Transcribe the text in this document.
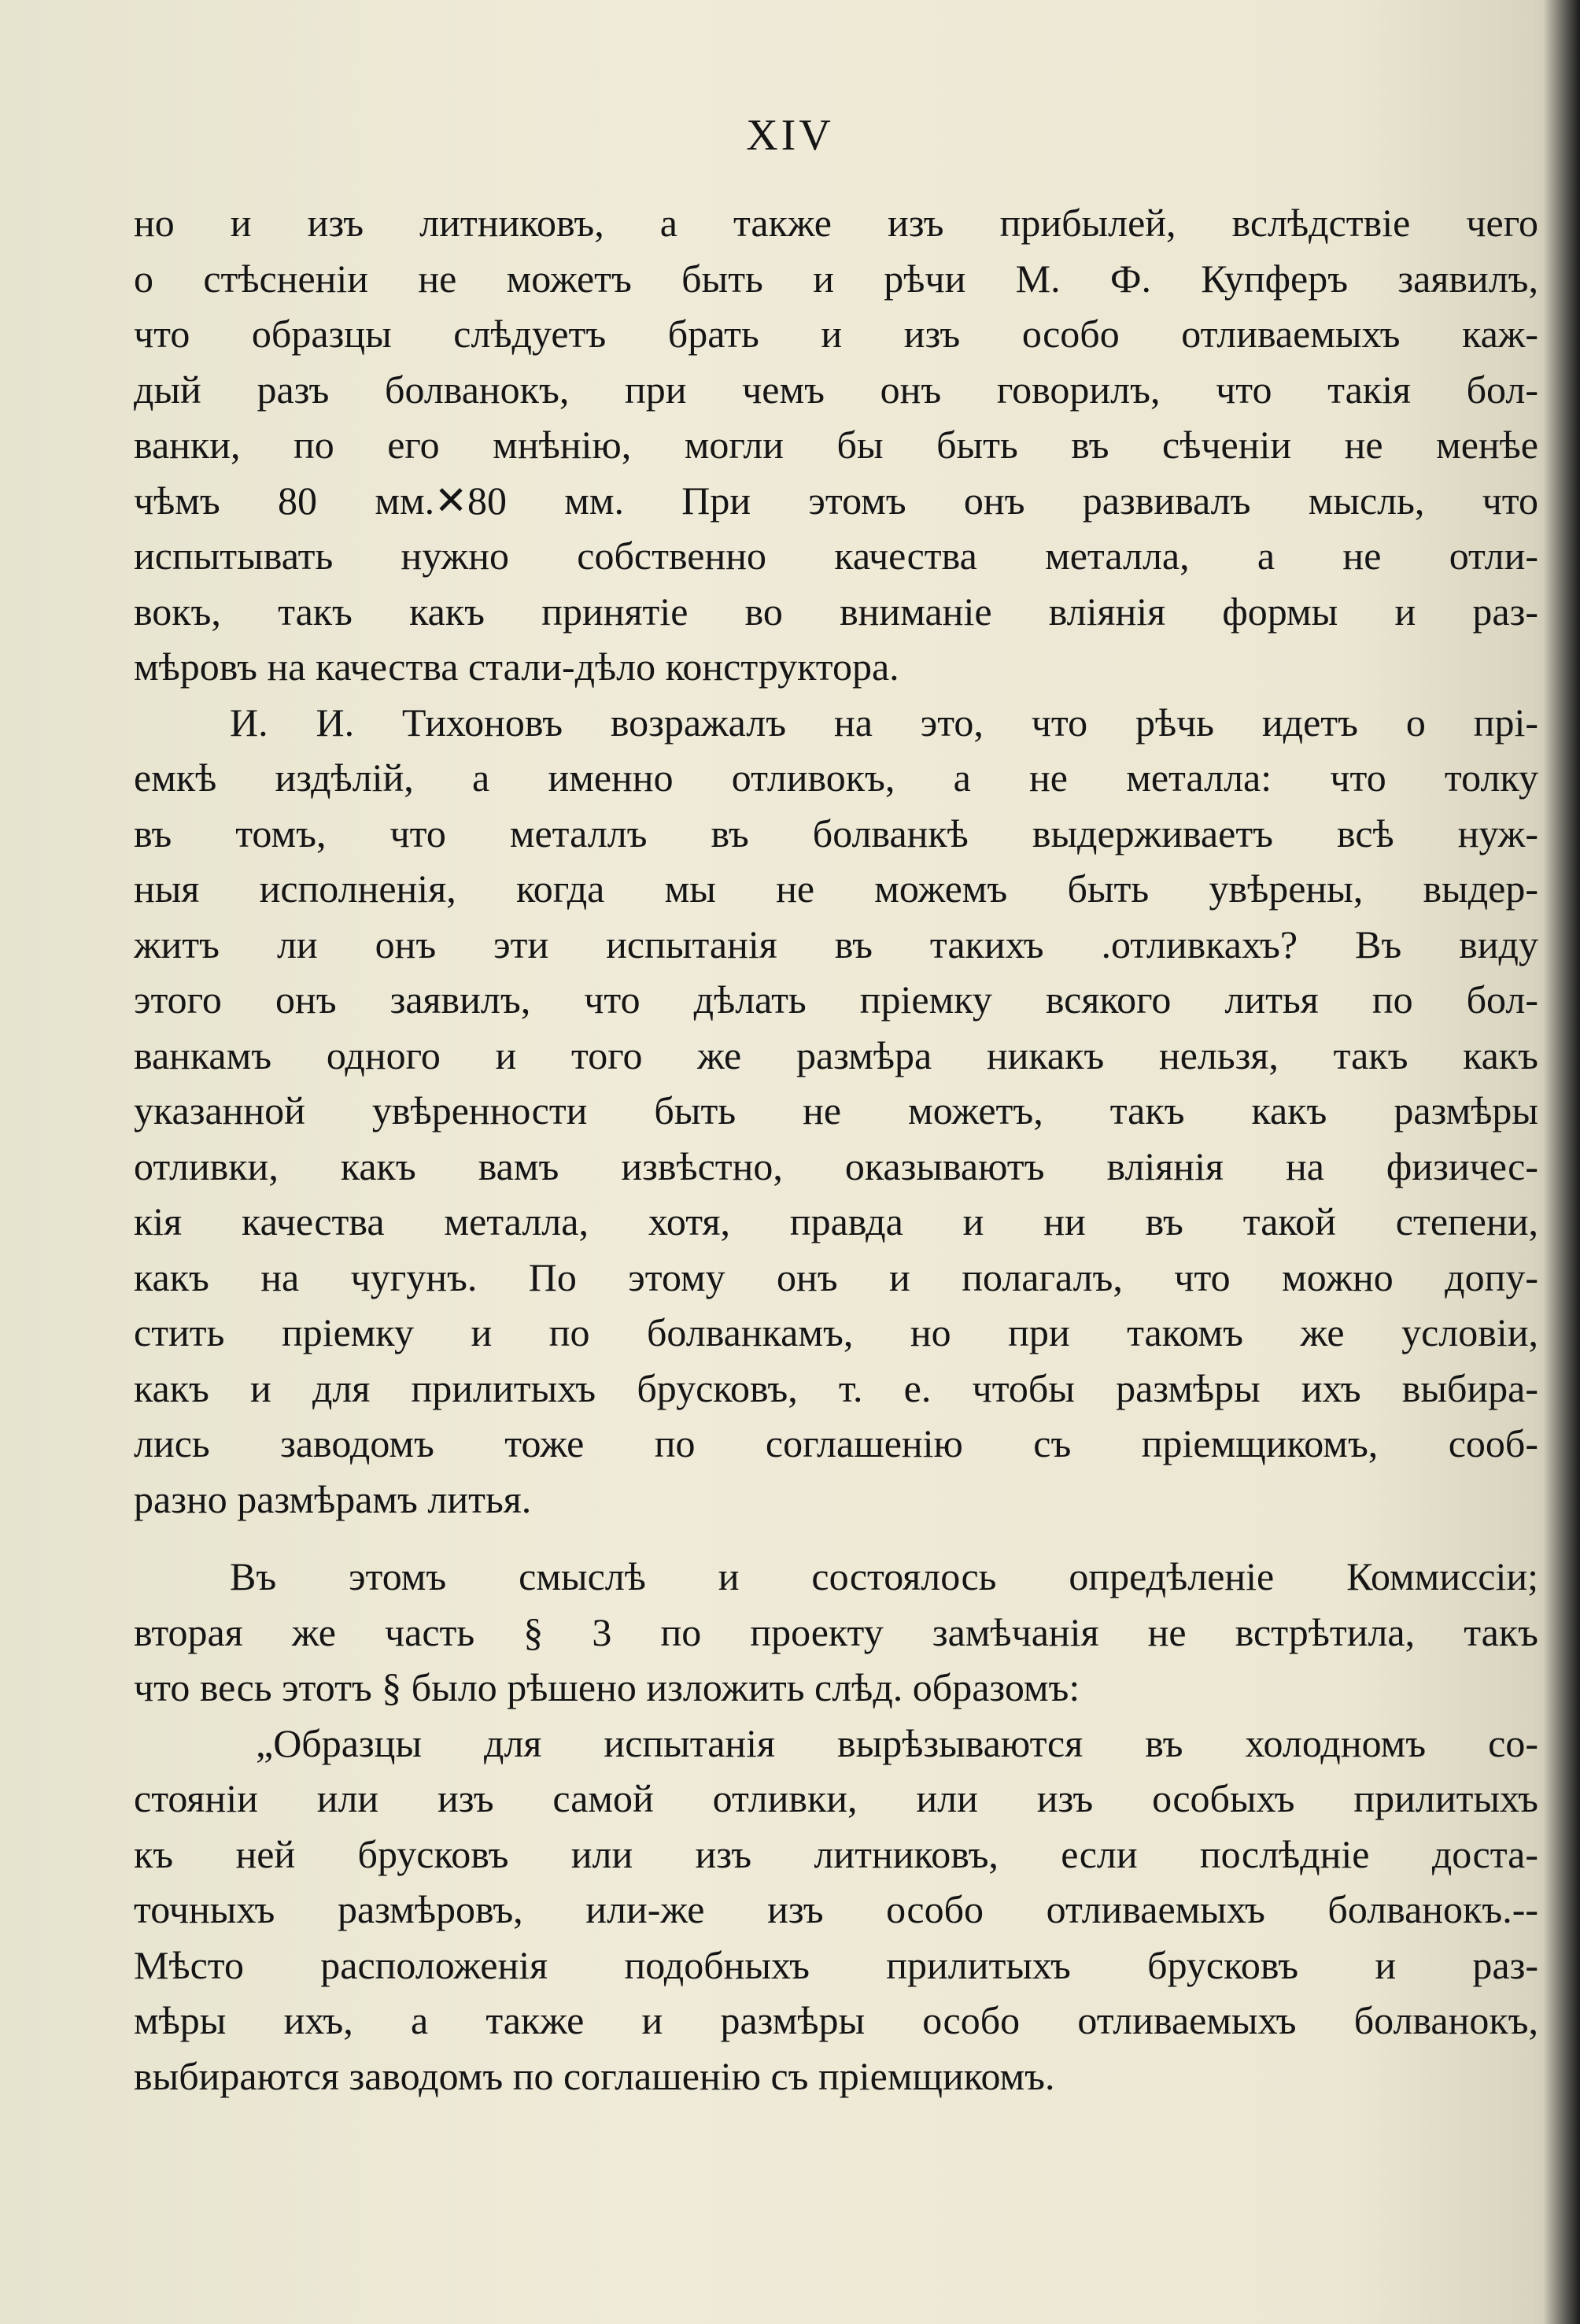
XIV
но и изъ литниковъ, а также изъ прибылей, вслѣдствіе чего
о стѣсненіи не можетъ быть и рѣчи М. Ф. Купферъ заявилъ,
что образцы слѣдуетъ брать и изъ особо отливаемыхъ каж-
дый разъ болванокъ, при чемъ онъ говорилъ, что такія бол-
ванки, по его мнѣнію, могли бы быть въ сѣченіи не менѣе
чѣмъ 80 мм.✕80 мм. При этомъ онъ развивалъ мысль, что
испытывать нужно собственно качества металла, а не отли-
вокъ, такъ какъ принятіе во вниманіе вліянія формы и раз-
мѣровъ на качества стали-дѣло конструктора.
И. И. Тихоновъ возражалъ на это, что рѣчь идетъ о прі-
емкѣ издѣлій, а именно отливокъ, а не металла: что толку
въ томъ, что металлъ въ болванкѣ выдерживаетъ всѣ нуж-
ныя исполненія, когда мы не можемъ быть увѣрены, выдер-
житъ ли онъ эти испытанія въ такихъ .отливкахъ? Въ виду
этого онъ заявилъ, что дѣлать пріемку всякого литья по бол-
ванкамъ одного и того же размѣра никакъ нельзя, такъ какъ
указанной увѣренности быть не можетъ, такъ какъ размѣры
отливки, какъ вамъ извѣстно, оказываютъ вліянія на физичес-
кія качества металла, хотя, правда и ни въ такой степени,
какъ на чугунъ. По этому онъ и полагалъ, что можно допу-
стить пріемку и по болванкамъ, но при такомъ же условіи,
какъ и для прилитыхъ брусковъ, т. е. чтобы размѣры ихъ выбира-
лись заводомъ тоже по соглашенію съ пріемщикомъ, сооб-
разно размѣрамъ литья.
Въ этомъ смыслѣ и состоялось опредѣленіе Коммиссіи;
вторая же часть § 3 по проекту замѣчанія не встрѣтила, такъ
что весь этотъ § было рѣшено изложить слѣд. образомъ:
„Образцы для испытанія вырѣзываются въ холодномъ со-
стояніи или изъ самой отливки, или изъ особыхъ прилитыхъ
къ ней брусковъ или изъ литниковъ, если послѣдніе доста-
точныхъ размѣровъ, или-же изъ особо отливаемыхъ болванокъ.--
Мѣсто расположенія подобныхъ прилитыхъ брусковъ и раз-
мѣры ихъ, а также и размѣры особо отливаемыхъ болванокъ,
выбираются заводомъ по соглашенію съ пріемщикомъ.
